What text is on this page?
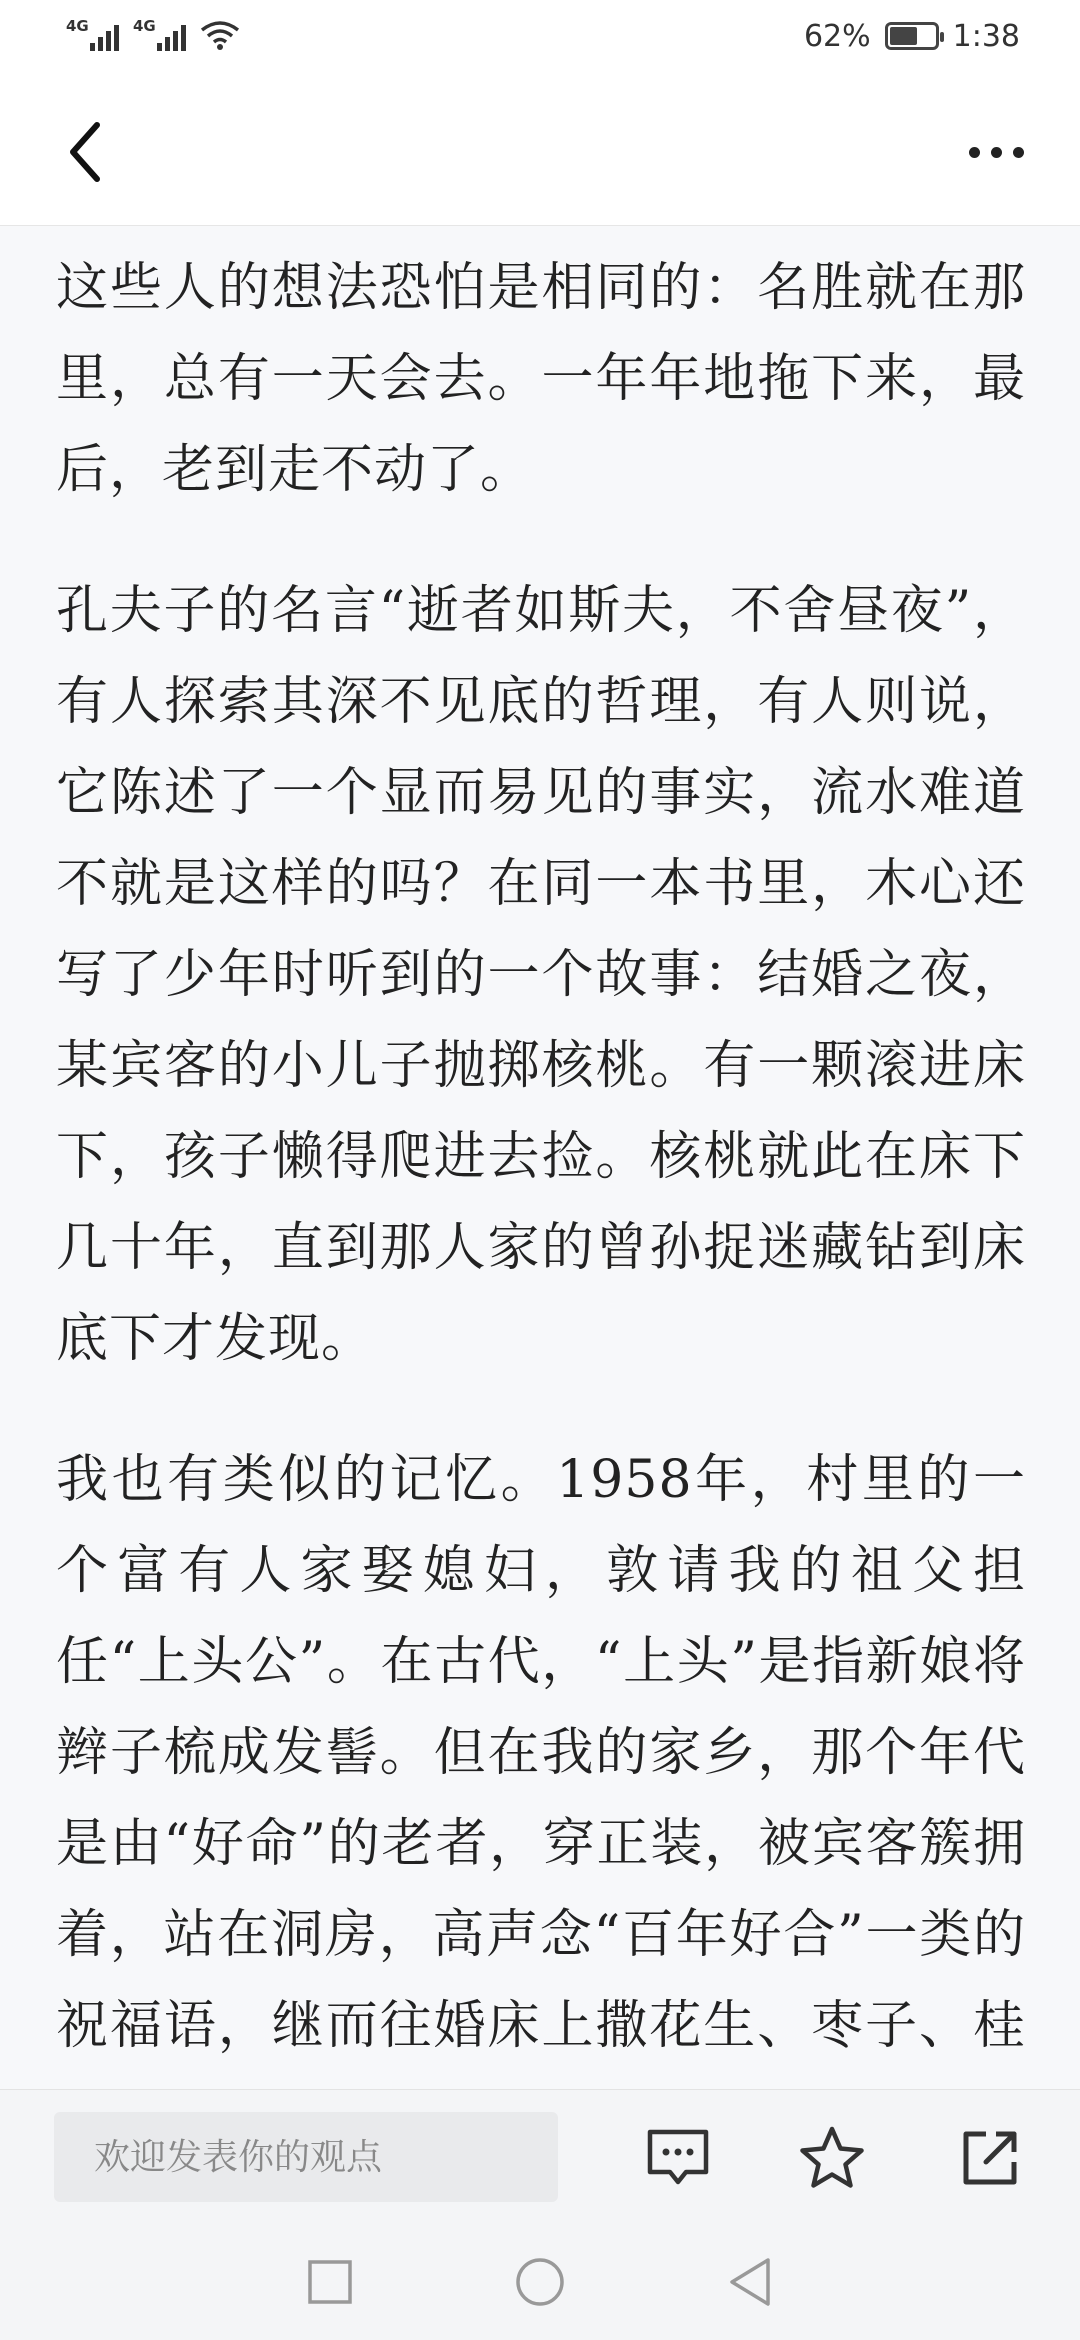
4G	4G	62%	1:38

这些人的想法恐怕是相同的：名胜就在那里，总有一天会去。一年年地拖下来，最后，老到走不动了。

孔夫子的名言“逝者如斯夫，不舍昼夜”，有人探索其深不见底的哲理，有人则说，它陈述了一个显而易见的事实，流水难道不就是这样的吗？在同一本书里，木心还写了少年时听到的一个故事：结婚之夜，某宾客的小儿子抛掷核桃。有一颗滚进床下，孩子懒得爬进去捡。核桃就此在床下几十年，直到那人家的曾孙捉迷藏钻到床底下才发现。

我也有类似的记忆。1958年，村里的一个富有人家娶媳妇，敦请我的祖父担任“上头公”。在古代，“上头”是指新娘将辫子梳成发髻。但在我的家乡，那个年代是由“好命”的老者，穿正装，被宾客簇拥着，站在洞房，高声念“百年好合”一类的祝福语，继而往婚床上撒花生、枣子、桂

欢迎发表你的观点
